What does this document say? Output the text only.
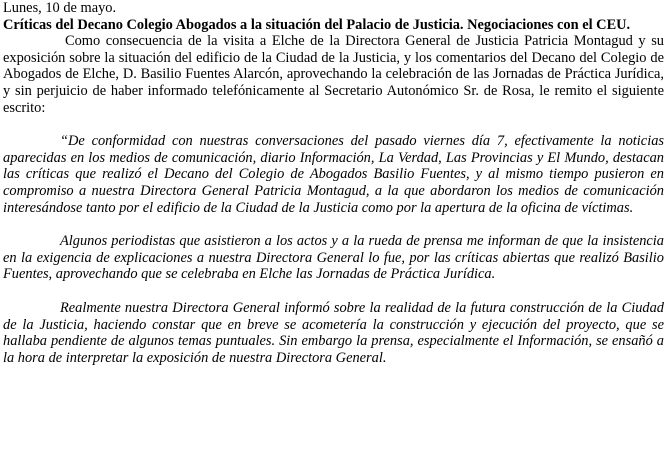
Lunes, 10 de mayo.

Críticas del Decano Colegio Abogados a la situación del Palacio de Justicia. Negociaciones con el CEU.

Como consecuencia de la visita a Elche de la Directora General de Justicia Patricia Montagud y su exposición sobre la situación del edificio de la Ciudad de la Justicia, y los comentarios del Decano del Colegio de Abogados de Elche, D. Basilio Fuentes Alarcón, aprovechando la celebración de las Jornadas de Práctica Jurídica, y sin perjuicio de haber informado telefónicamente al Secretario Autonómico Sr. de Rosa, le remito el siguiente escrito:

“De conformidad con nuestras conversaciones del pasado viernes día 7, efectivamente la noticias aparecidas en los medios de comunicación, diario Información, La Verdad, Las Provincias y El Mundo, destacan las críticas que realizó el Decano del Colegio de Abogados Basilio Fuentes, y al mismo tiempo pusieron en compromiso a nuestra Directora General Patricia Montagud, a la que abordaron los medios de comunicación interesándose tanto por el edificio de la Ciudad de la Justicia como por la apertura de la oficina de víctimas.

Algunos periodistas que asistieron a los actos y a la rueda de prensa me informan de que la insistencia en la exigencia de explicaciones a nuestra Directora General lo fue, por las críticas abiertas que realizó Basilio Fuentes, aprovechando que se celebraba en Elche las Jornadas de Práctica Jurídica.

Realmente nuestra Directora General informó sobre la realidad de la futura construcción de la Ciudad de la Justicia, haciendo constar que en breve se acometería la construcción y ejecución del proyecto, que se hallaba pendiente de algunos temas puntuales. Sin embargo la prensa, especialmente el Información, se ensañó a la hora de interpretar la exposición de nuestra Directora General.
